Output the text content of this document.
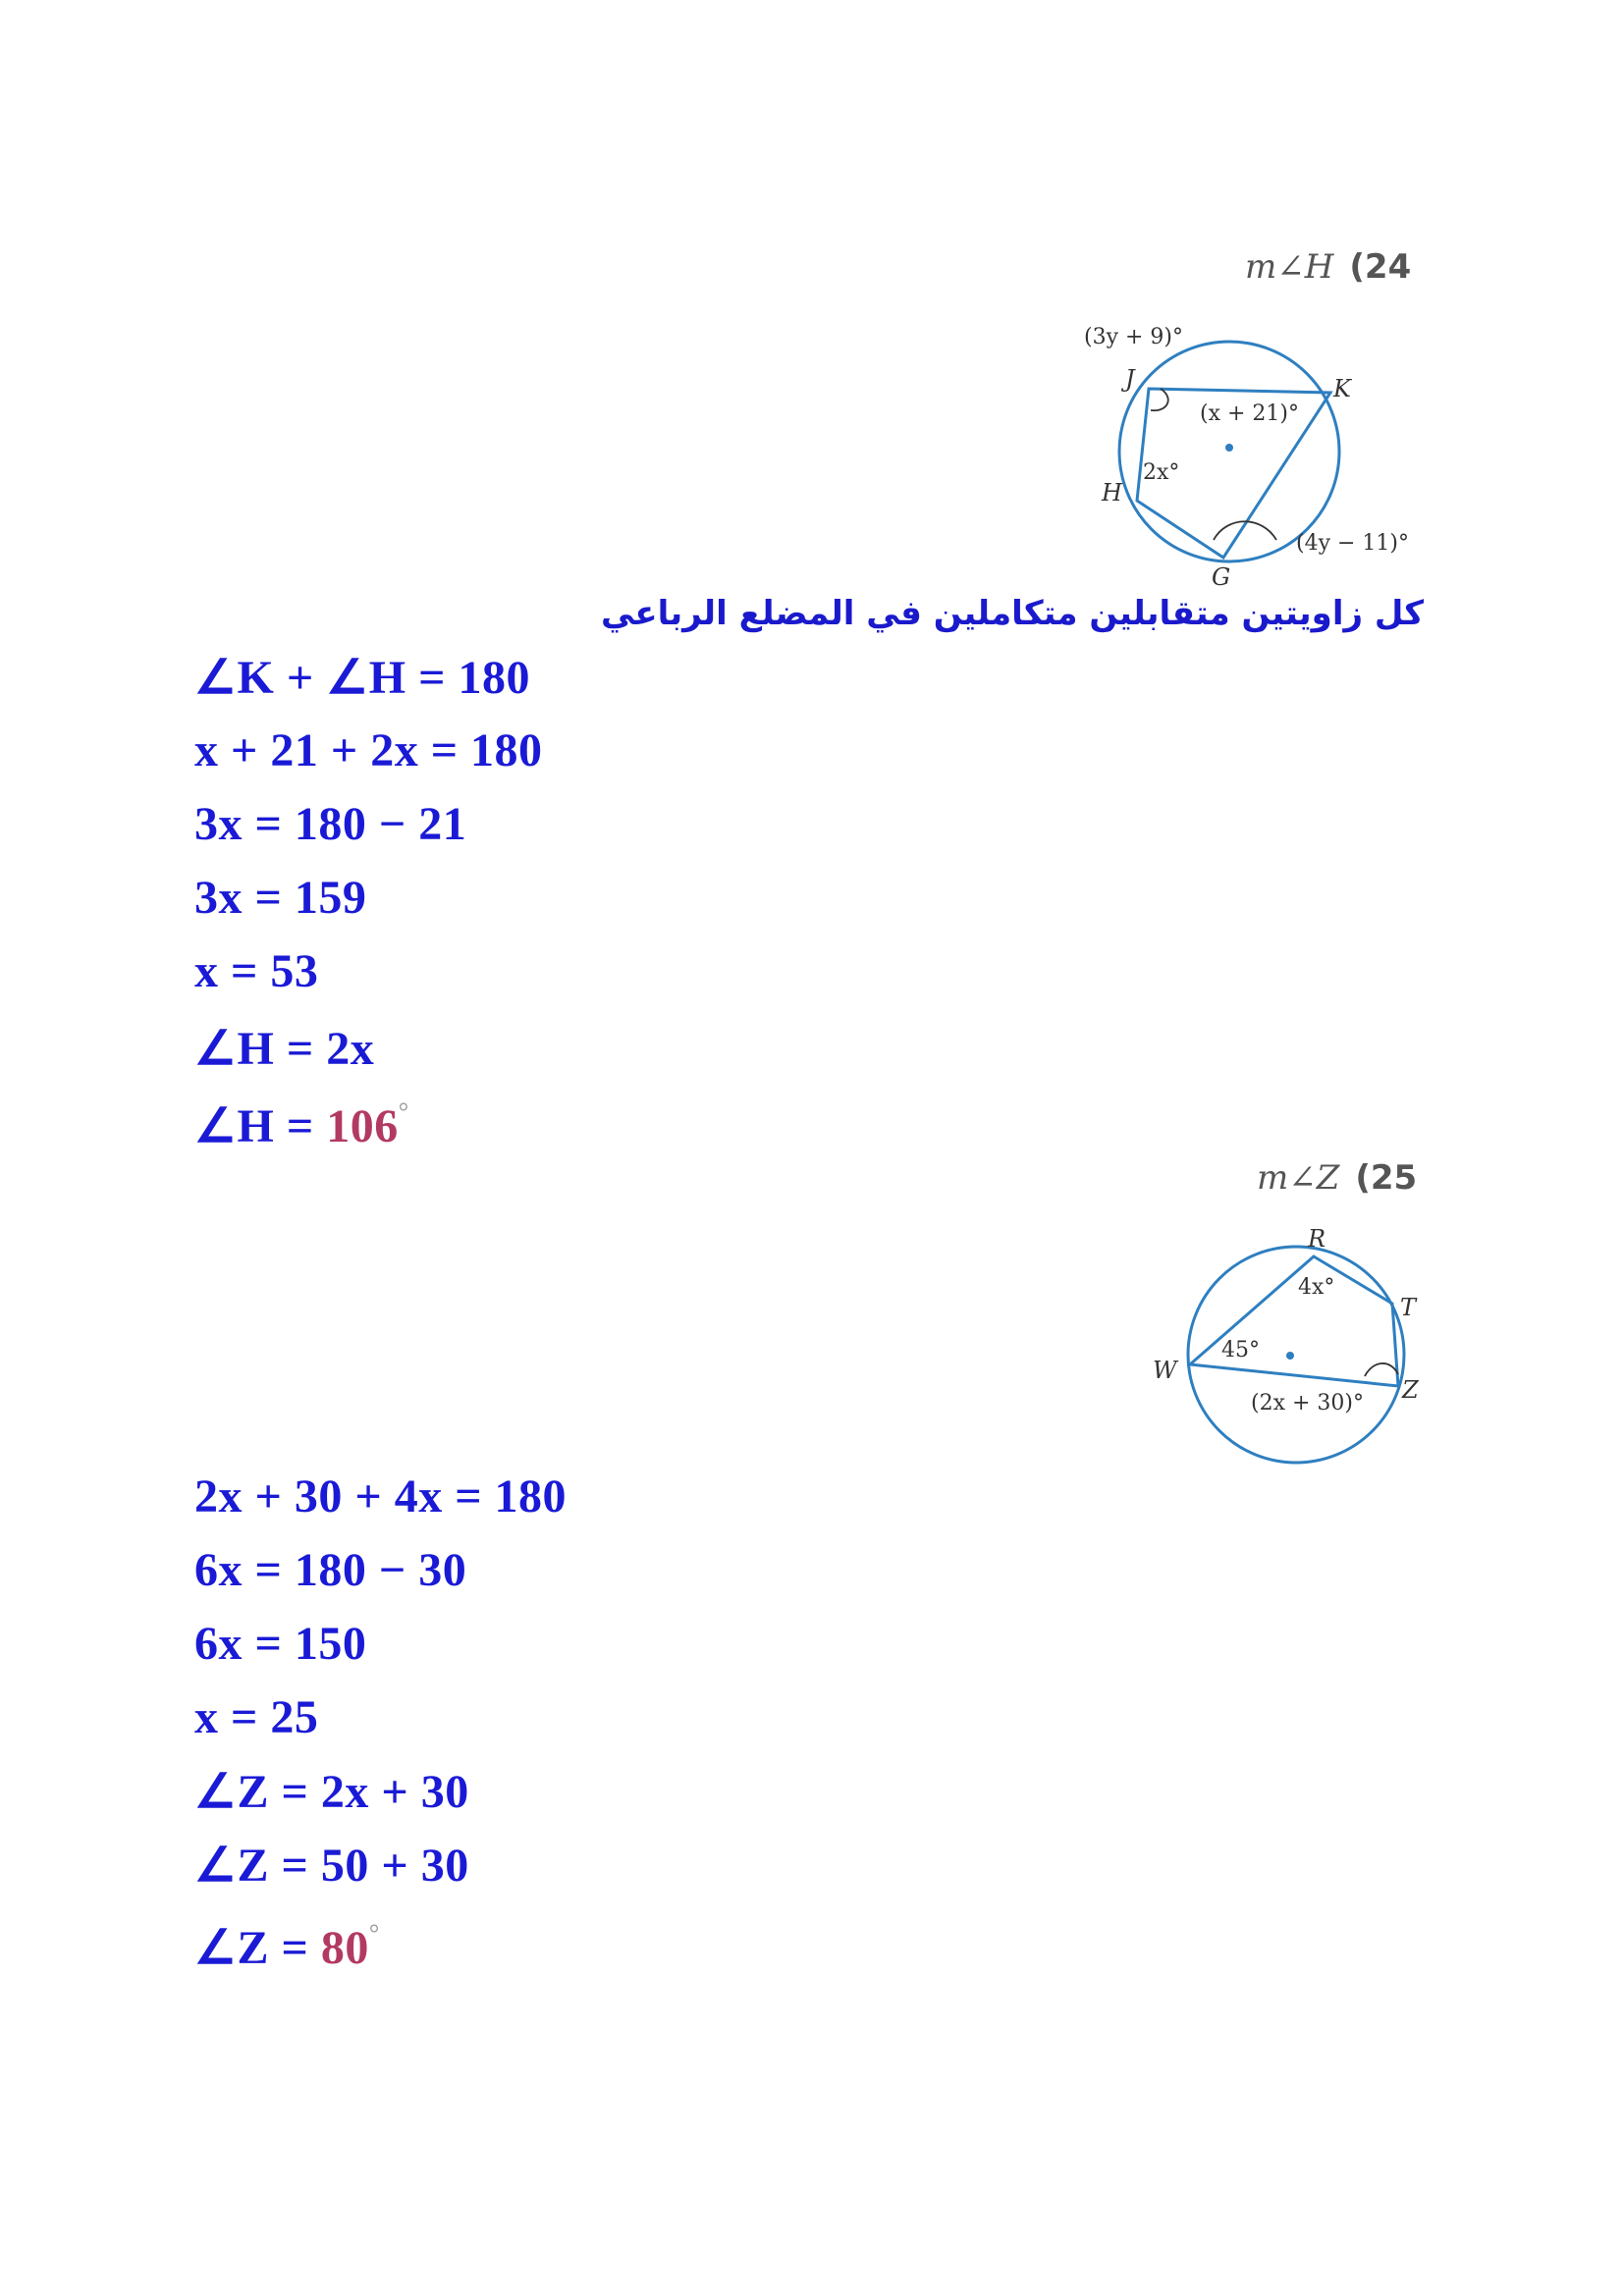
m∠H (24
(3y + 9)°
J	K
(x + 21)°
2x°
H
(4y − 11)°
G
كل زاويتين متقابلين متكاملين في المضلع الرباعي
∠K + ∠H = 180
x + 21 + 2x = 180
3x = 180 − 21
3x = 159
x = 53
∠H = 2x
∠H = 106°
m∠Z (25
R
4x°
T
45°
W
(2x + 30)° Z
2x + 30 + 4x = 180
6x = 180 − 30
6x = 150
x = 25
∠Z = 2x + 30
∠Z = 50 + 30
∠Z = 80°
